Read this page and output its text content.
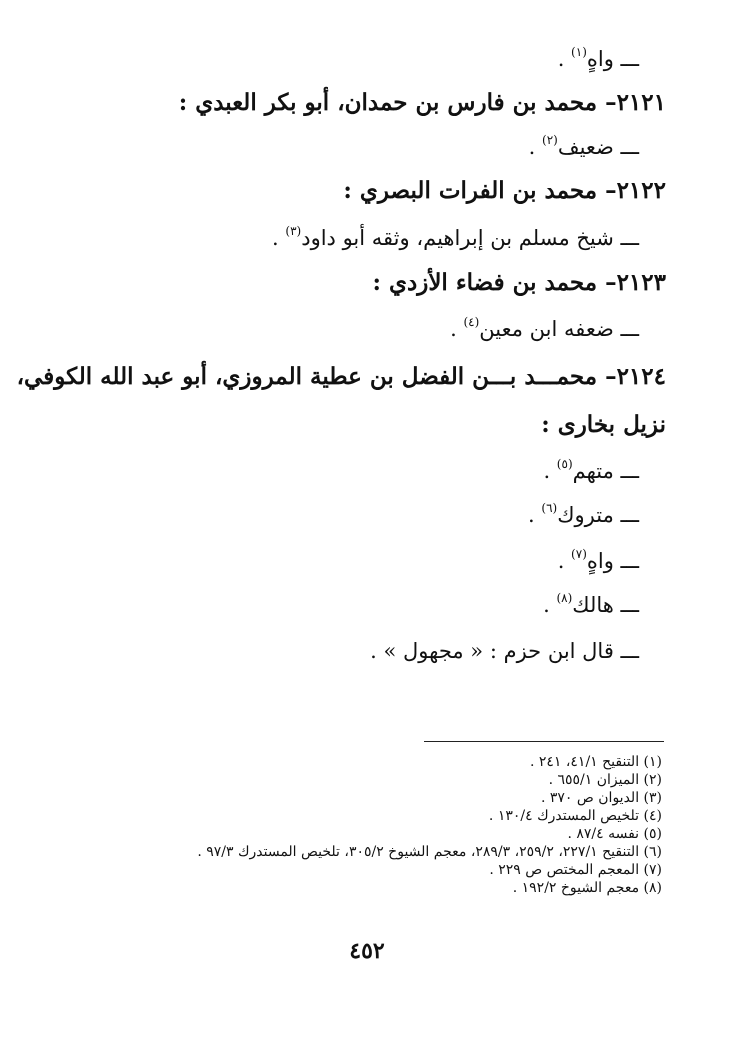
ـــ واهٍ$^{(١)}$ .
٢١٢١– محمد بن فارس بن حمدان، أبو بكر العبدي :
ـــ ضعيف$^{(٢)}$ .
٢١٢٢– محمد بن الفرات البصري :
ـــ شيخ مسلم بن إبراهيم، وثقه أبو داود$^{(٣)}$ .
٢١٢٣– محمد بن فضاء الأزدي :
ـــ ضعفه ابن معين$^{(٤)}$ .
٢١٢٤– محمـــد بـــن الفضل بن عطية المروزي، أبو عبد الله الكوفي،
نزيل بخارى :
ـــ متهم$^{(٥)}$ .
ـــ متروك$^{(٦)}$ .
ـــ واهٍ$^{(٧)}$ .
ـــ هالك$^{(٨)}$ .
ـــ قال ابن حزم : « مجهول » .
(١) التنقيح ٤١/١، ٢٤١ .
(٢) الميزان ٦٥٥/١ .
(٣) الديوان ص ٣٧٠ .
(٤) تلخيص المستدرك ١٣٠/٤ .
(٥) نفسه ٨٧/٤ .
(٦) التنقيح ٢٢٧/١، ٢٥٩/٢، ٢٨٩/٣، معجم الشيوخ ٣٠٥/٢، تلخيص المستدرك ٩٧/٣ .
(٧) المعجم المختص ص ٢٢٩ .
(٨) معجم الشيوخ ١٩٢/٢ .
٤٥٢
